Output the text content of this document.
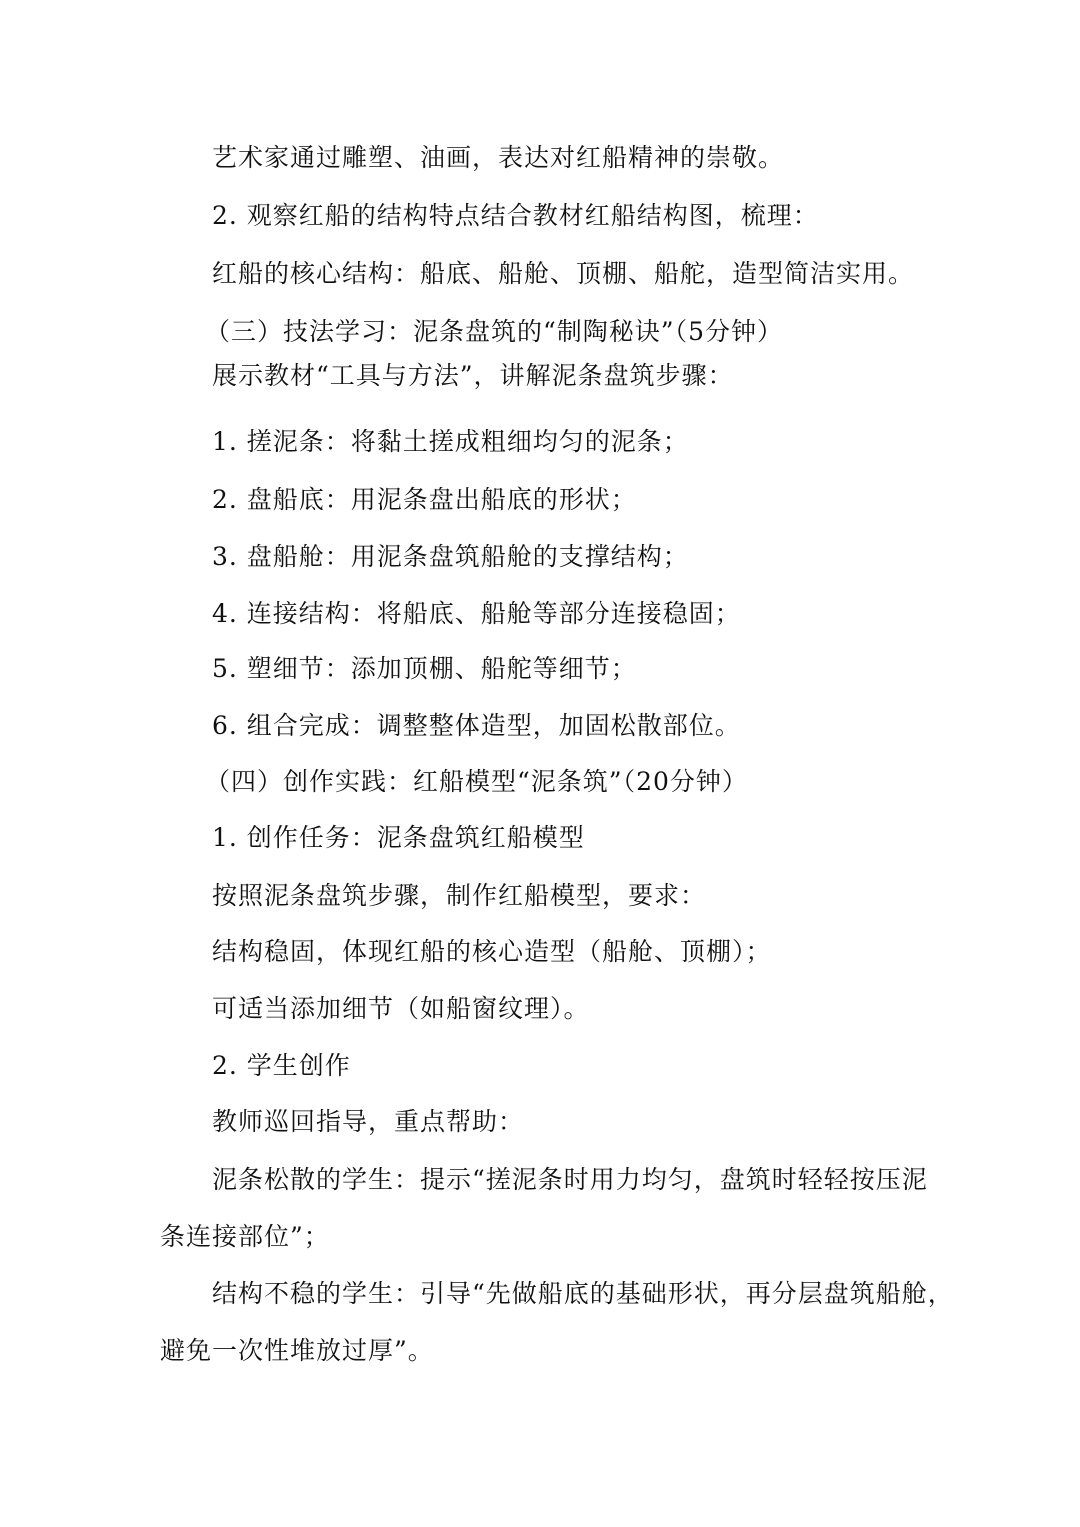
艺术家通过雕塑、油画，表达对红船精神的崇敬。
2. 观察红船的结构特点结合教材红船结构图，梳理：
红船的核心结构：船底、船舱、顶棚、船舵，造型简洁实用。
（三）技法学习：泥条盘筑的“制陶秘诀”（5分钟）
展示教材“工具与方法”，讲解泥条盘筑步骤：
1. 搓泥条：将黏土搓成粗细均匀的泥条；
2. 盘船底：用泥条盘出船底的形状；
3. 盘船舱：用泥条盘筑船舱的支撑结构；
4. 连接结构：将船底、船舱等部分连接稳固；
5. 塑细节：添加顶棚、船舵等细节；
6. 组合完成：调整整体造型，加固松散部位。
（四）创作实践：红船模型“泥条筑”（20分钟）
1. 创作任务：泥条盘筑红船模型
按照泥条盘筑步骤，制作红船模型，要求：
结构稳固，体现红船的核心造型（船舱、顶棚）；
可适当添加细节（如船窗纹理）。
2. 学生创作
教师巡回指导，重点帮助：
泥条松散的学生：提示“搓泥条时用力均匀，盘筑时轻轻按压泥
条连接部位”；
结构不稳的学生：引导“先做船底的基础形状，再分层盘筑船舱，
避免一次性堆放过厚”。
